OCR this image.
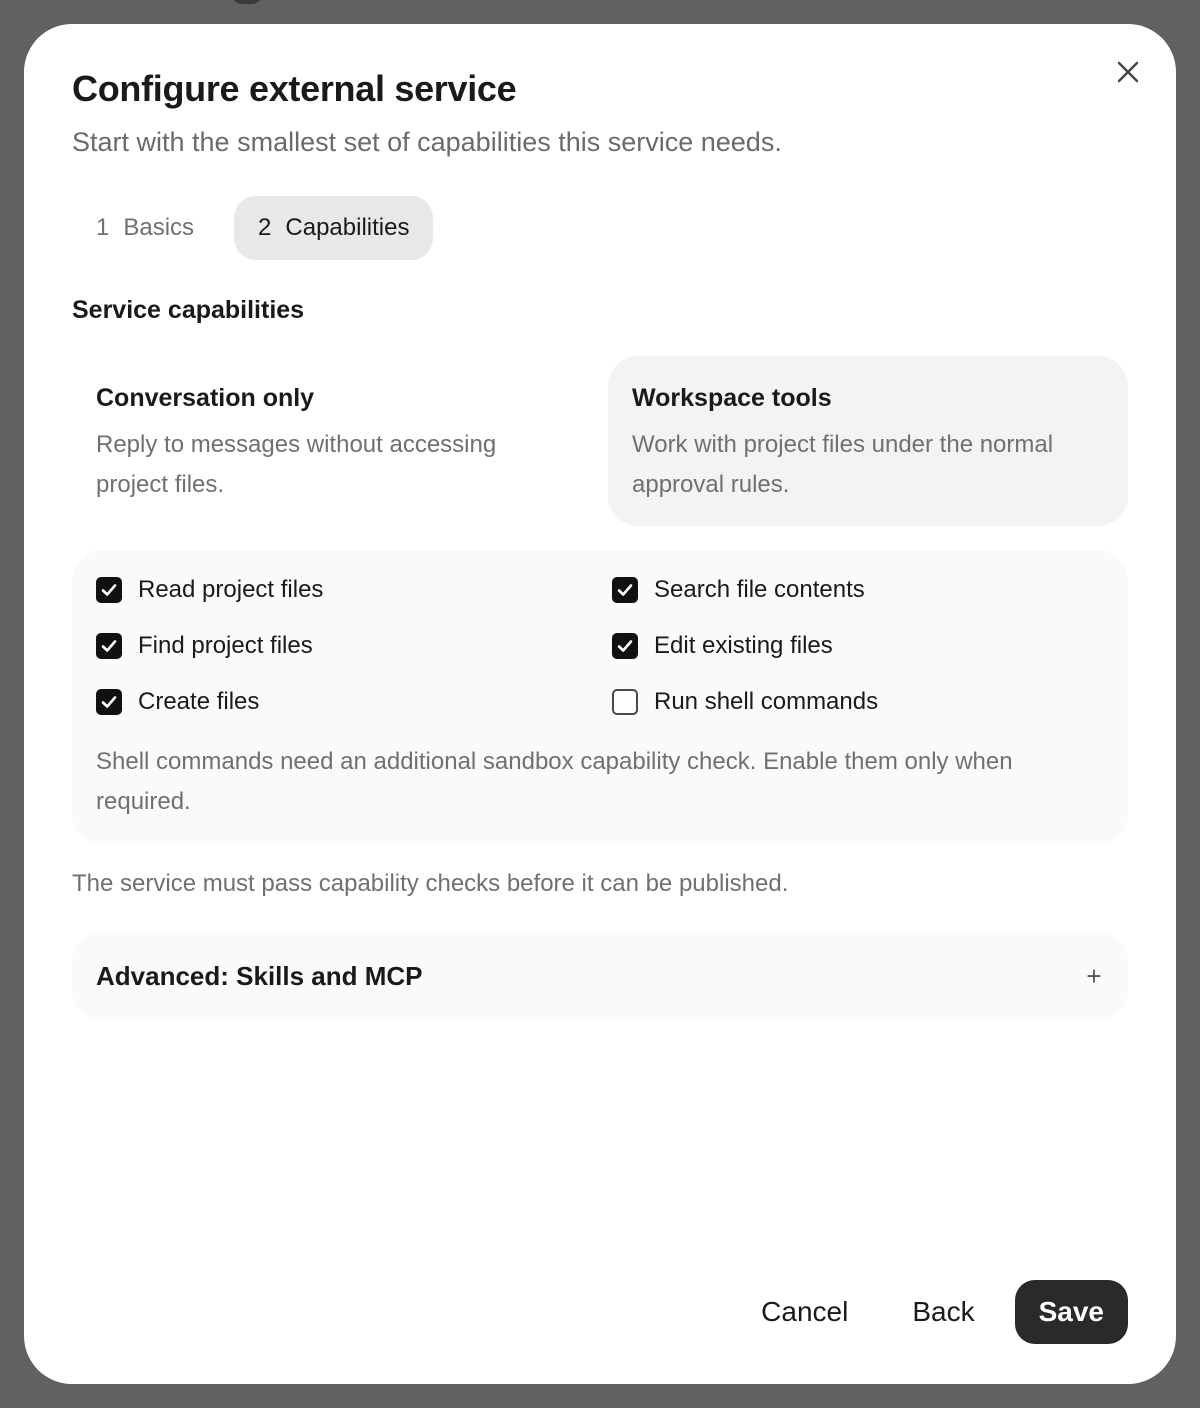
Configure external service

Start with the smallest set of capabilities this service needs.

1 Basics	2 Capabilities
Service capabilities
Conversation only
Reply to messages without accessing project files.
Workspace tools
Work with project files under the normal approval rules.
Read project files	Search file contents
Find project files	Edit existing files
Create files	Run shell commands
Shell commands need an additional sandbox capability check. Enable them only when required.

The service must pass capability checks before it can be published.

Advanced: Skills and MCP	+
Cancel	Back	Save
